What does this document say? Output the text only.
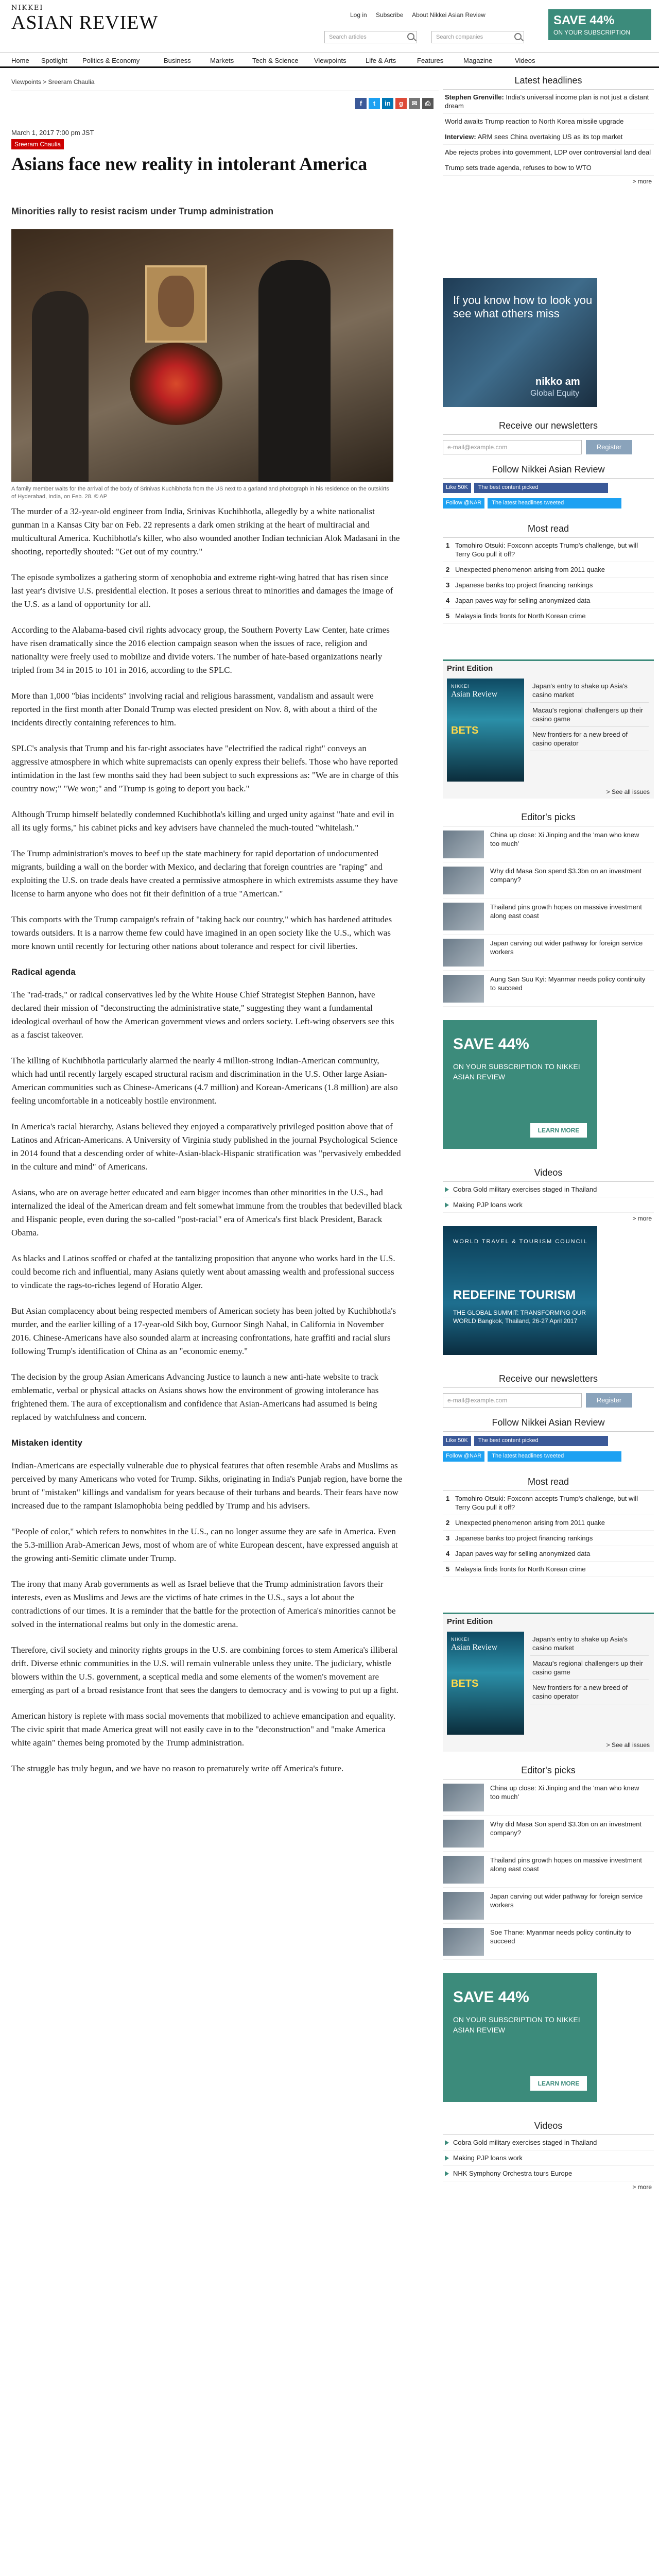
NIKKEI
ASIAN REVIEW	Log in Subscribe About Nikkei Asian Review
Search articles	Search companies
SAVE 44%
ON YOUR SUBSCRIPTION
Home Spotlight Politics & Economy	Business	Markets	Tech & Science Viewpoints	Life & Arts	Features	Magazine	Videos
Viewpoints > Sreeram Chaulia
f	t	in	g	✉	⎙
March 1, 2017 7:00 pm JST
Sreeram Chaulia
Asians face new reality in intolerant America
Minorities rally to resist racism under Trump administration
A family member waits for the arrival of the body of Srinivas Kuchibhotla from the US next to a garland and photograph in his residence on the outskirts of Hyderabad, India, on Feb. 28. © AP

The murder of a 32-year-old engineer from India, Srinivas Kuchibhotla, allegedly by a white nationalist gunman in a Kansas City bar on Feb. 22 represents a dark omen striking at the heart of multiracial and multicultural America. Kuchibhotla's killer, who also wounded another Indian technician Alok Madasani in the shooting, reportedly shouted: "Get out of my country."

The episode symbolizes a gathering storm of xenophobia and extreme right-wing hatred that has risen since last year's divisive U.S. presidential election. It poses a serious threat to minorities and damages the image of the U.S. as a land of opportunity for all.

According to the Alabama-based civil rights advocacy group, the Southern Poverty Law Center, hate crimes have risen dramatically since the 2016 election campaign season when the issues of race, religion and nationality were freely used to mobilize and divide voters. The number of hate-based organizations nearly tripled from 34 in 2015 to 101 in 2016, according to the SPLC.

More than 1,000 "bias incidents" involving racial and religious harassment, vandalism and assault were reported in the first month after Donald Trump was elected president on Nov. 8, with about a third of the incidents directly containing references to him.

SPLC's analysis that Trump and his far-right associates have "electrified the radical right" conveys an aggressive atmosphere in which white supremacists can openly express their beliefs. Those who have reported intimidation in the last few months said they had been subject to such expressions as: "We are in charge of this country now;" "We won;" and "Trump is going to deport you back."

Although Trump himself belatedly condemned Kuchibhotla's killing and urged unity against "hate and evil in all its ugly forms," his cabinet picks and key advisers have channeled the much-touted "whitelash."

The Trump administration's moves to beef up the state machinery for rapid deportation of undocumented migrants, building a wall on the border with Mexico, and declaring that foreign countries are "raping" and exploiting the U.S. on trade deals have created a permissive atmosphere in which extremists assume they have license to harm anyone who does not fit their definition of a true "American."

This comports with the Trump campaign's refrain of "taking back our country," which has hardened attitudes towards outsiders. It is a narrow theme few could have imagined in an open society like the U.S., which was more known until recently for lecturing other nations about tolerance and respect for civil liberties.

Radical agenda

The "rad-trads," or radical conservatives led by the White House Chief Strategist Stephen Bannon, have declared their mission of "deconstructing the administrative state," suggesting they want a fundamental ideological overhaul of how the American government views and orders society. Left-wing observers see this as a fascist takeover.

The killing of Kuchibhotla particularly alarmed the nearly 4 million-strong Indian-American community, which had until recently largely escaped structural racism and discrimination in the U.S. Other large Asian-American communities such as Chinese-Americans (4.7 million) and Korean-Americans (1.8 million) are also feeling uncomfortable in a noticeably hostile environment.

In America's racial hierarchy, Asians believed they enjoyed a comparatively privileged position above that of Latinos and African-Americans. A University of Virginia study published in the journal Psychological Science in 2014 found that a descending order of white-Asian-black-Hispanic stratification was "pervasively embedded in the culture and mind" of Americans.

Asians, who are on average better educated and earn bigger incomes than other minorities in the U.S., had internalized the ideal of the American dream and felt somewhat immune from the troubles that bedevilled black and Hispanic people, even during the so-called "post-racial" era of America's first black President, Barack Obama.

As blacks and Latinos scoffed or chafed at the tantalizing proposition that anyone who works hard in the U.S. could become rich and influential, many Asians quietly went about amassing wealth and professional success to vindicate the rags-to-riches legend of Horatio Alger.

But Asian complacency about being respected members of American society has been jolted by Kuchibhotla's murder, and the earlier killing of a 17-year-old Sikh boy, Gurnoor Singh Nahal, in California in November 2016. Chinese-Americans have also sounded alarm at increasing confrontations, hate graffiti and racial slurs following Trump's identification of China as an "economic enemy."

The decision by the group Asian Americans Advancing Justice to launch a new anti-hate website to track emblematic, verbal or physical attacks on Asians shows how the environment of growing intolerance has frightened them. The aura of exceptionalism and confidence that Asian-Americans had assumed is being replaced by watchfulness and concern.

Mistaken identity

Indian-Americans are especially vulnerable due to physical features that often resemble Arabs and Muslims as perceived by many Americans who voted for Trump. Sikhs, originating in India's Punjab region, have borne the brunt of "mistaken" killings and vandalism for years because of their turbans and beards. Their fears have now increased due to the rampant Islamophobia being peddled by Trump and his advisers.

"People of color," which refers to nonwhites in the U.S., can no longer assume they are safe in America. Even the 5.3-million Arab-American Jews, most of whom are of white European descent, have expressed anguish at the growing anti-Semitic climate under Trump.

The irony that many Arab governments as well as Israel believe that the Trump administration favors their interests, even as Muslims and Jews are the victims of hate crimes in the U.S., says a lot about the contradictions of our times. It is a reminder that the battle for the protection of America's minorities cannot be solved in the international realms but only in the domestic arena.

Therefore, civil society and minority rights groups in the U.S. are combining forces to stem America's illiberal drift. Diverse ethnic communities in the U.S. will remain vulnerable unless they unite. The judiciary, whistle blowers within the U.S. government, a sceptical media and some elements of the women's movement are emerging as part of a broad resistance front that sees the dangers to democracy and is vowing to put up a fight.

American history is replete with mass social movements that mobilized to achieve emancipation and equality. The civic spirit that made America great will not easily cave in to the "deconstruction" and "make America white again" themes being promoted by the Trump administration.

The struggle has truly begun, and we have no reason to prematurely write off America's future.

Latest headlines
Stephen Grenville: India's universal income plan is not just a distant dream
World awaits Trump reaction to North Korea missile upgrade
Interview: ARM sees China overtaking US as its top market
Abe rejects probes into government, LDP over controversial land deal
Trump sets trade agenda, refuses to bow to WTO
> more
If you know how to look you see what others miss
nikko am
Global Equity
Receive our newsletters
e-mail@example.com	Register
Follow Nikkei Asian Review
Like 50K The best content picked
Follow @NAR The latest headlines tweeted
Most read
1 Tomohiro Otsuki: Foxconn accepts Trump's challenge, but will Terry Gou pull it off?
2 Unexpected phenomenon arising from 2011 quake
3 Japanese banks top project financing rankings
4 Japan paves way for selling anonymized data
5 Malaysia finds fronts for North Korean crime
Print Edition
NIKKEI
Asian Review
BETS
Japan's entry to shake up Asia's casino market
Macau's regional challengers up their casino game
New frontiers for a new breed of casino operator
> See all issues
Editor's picks
China up close: Xi Jinping and the 'man who knew too much'
Why did Masa Son spend $3.3bn on an investment company?
Thailand pins growth hopes on massive investment along east coast
Japan carving out wider pathway for foreign service workers
Aung San Suu Kyi: Myanmar needs policy continuity to succeed
SAVE 44%
ON YOUR SUBSCRIPTION TO NIKKEI ASIAN REVIEW
LEARN MORE
Videos
Cobra Gold military exercises staged in Thailand
Making PJP loans work
> more
WORLD TRAVEL & TOURISM COUNCIL
REDEFINE TOURISM
THE GLOBAL SUMMIT: TRANSFORMING OUR WORLD Bangkok, Thailand, 26-27 April 2017
Receive our newsletters
e-mail@example.com	Register
Follow Nikkei Asian Review
Like 50K The best content picked
Follow @NAR The latest headlines tweeted
Most read
1 Tomohiro Otsuki: Foxconn accepts Trump's challenge, but will Terry Gou pull it off?
2 Unexpected phenomenon arising from 2011 quake
3 Japanese banks top project financing rankings
4 Japan paves way for selling anonymized data
5 Malaysia finds fronts for North Korean crime
Print Edition
NIKKEI
Asian Review
BETS
Japan's entry to shake up Asia's casino market
Macau's regional challengers up their casino game
New frontiers for a new breed of casino operator
> See all issues
Editor's picks
China up close: Xi Jinping and the 'man who knew too much'
Why did Masa Son spend $3.3bn on an investment company?
Thailand pins growth hopes on massive investment along east coast
Japan carving out wider pathway for foreign service workers
Soe Thane: Myanmar needs policy continuity to succeed
SAVE 44%
ON YOUR SUBSCRIPTION TO NIKKEI ASIAN REVIEW
LEARN MORE
Videos
Cobra Gold military exercises staged in Thailand
Making PJP loans work
NHK Symphony Orchestra tours Europe
> more
